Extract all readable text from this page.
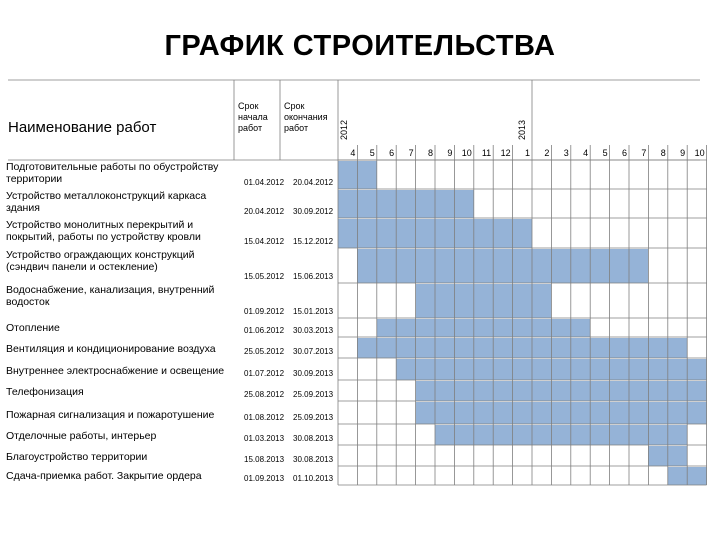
ГРАФИК СТРОИТЕЛЬСТВА
Наименование работ
Срок
начала
работ
Срок
окончания
работ	2012	2013
4	5	6	7	8	9	10	11	12	1	2	3	4	5	6	7	8	9	10
Подготовительные работы по обустройству
территории	01.04.2012 20.04.2012
Устройство металлоконструкций каркаса
здания	20.04.2012 30.09.2012
Устройство монолитных перекрытий и
покрытий, работы по устройству кровли	15.04.2012 15.12.2012
Устройство ограждающих конструкций
(сэндвич панели и остекление)
15.05.2012 15.06.2013
Водоснабжение, канализация, внутренний
водосток
01.09.2012 15.01.2013
Отопление	01.06.2012 30.03.2013
Вентиляция и кондиционирование воздуха	25.05.2012 30.07.2013
Внутреннее электроснабжение и освещение	01.07.2012 30.09.2013
Телефонизация	25.08.2012 25.09.2013
Пожарная сигнализация и пожаротушение	01.08.2012 25.09.2013
Отделочные работы, интерьер	01.03.2013 30.08.2013
Благоустройство территории	15.08.2013 30.08.2013
Сдача-приемка работ. Закрытие ордера	01.09.2013 01.10.2013
